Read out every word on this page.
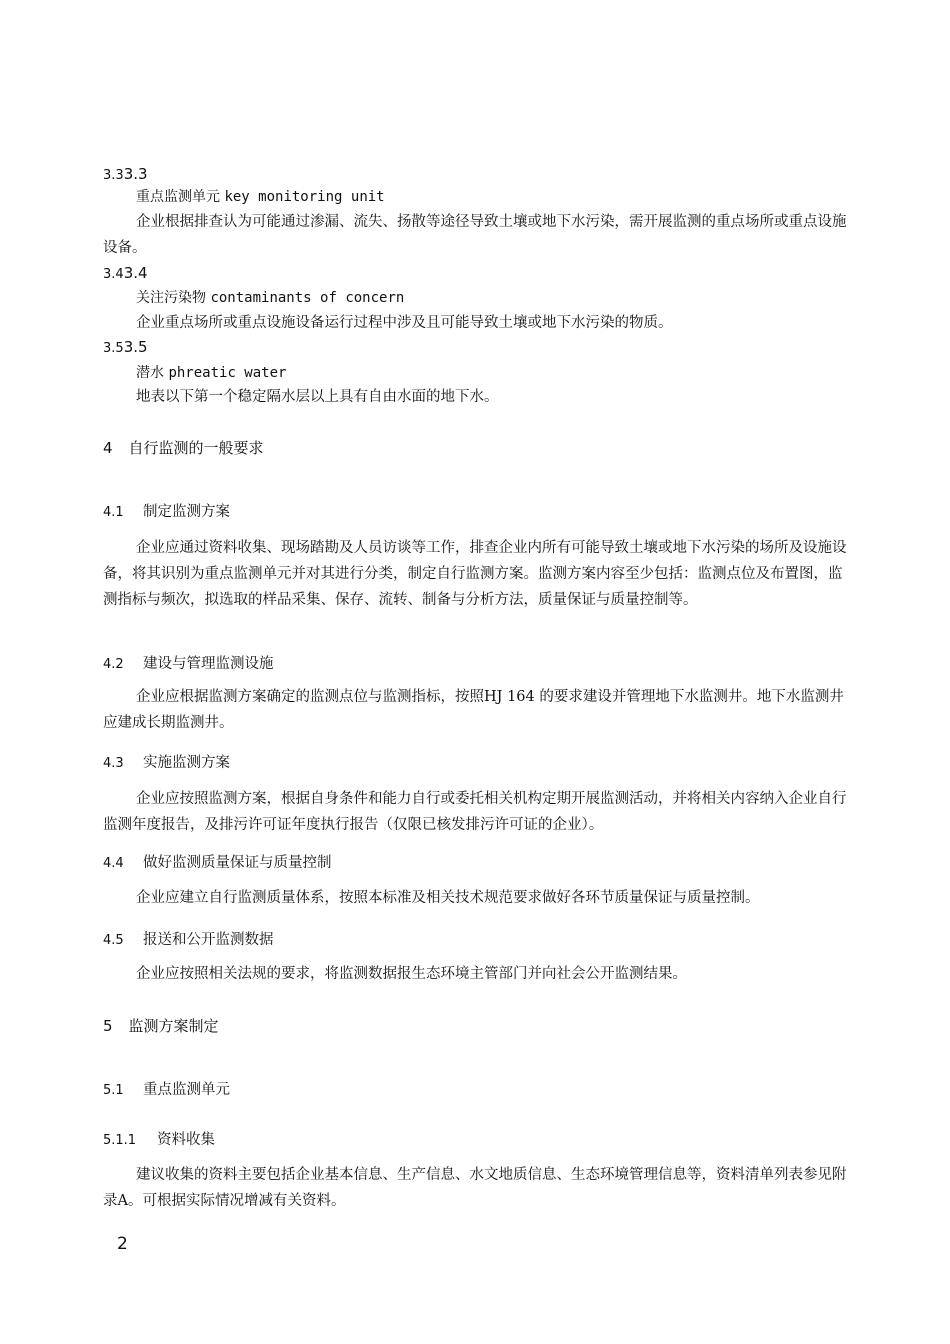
3.33.3
重点监测单元 key monitoring unit
企业根据排查认为可能通过渗漏、流失、扬散等途径导致土壤或地下水污染，需开展监测的重点场所或重点设施设备。
3.43.4
关注污染物 contaminants of concern
企业重点场所或重点设施设备运行过程中涉及且可能导致土壤或地下水污染的物质。
3.53.5
潜水 phreatic water
地表以下第一个稳定隔水层以上具有自由水面的地下水。
4 自行监测的一般要求
4.1 制定监测方案
企业应通过资料收集、现场踏勘及人员访谈等工作，排查企业内所有可能导致土壤或地下水污染的场所及设施设备，将其识别为重点监测单元并对其进行分类，制定自行监测方案。监测方案内容至少包括：监测点位及布置图，监测指标与频次，拟选取的样品采集、保存、流转、制备与分析方法，质量保证与质量控制等。
4.2 建设与管理监测设施
企业应根据监测方案确定的监测点位与监测指标，按照HJ 164 的要求建设并管理地下水监测井。地下水监测井应建成长期监测井。
4.3 实施监测方案
企业应按照监测方案，根据自身条件和能力自行或委托相关机构定期开展监测活动，并将相关内容纳入企业自行监测年度报告，及排污许可证年度执行报告（仅限已核发排污许可证的企业）。
4.4 做好监测质量保证与质量控制
企业应建立自行监测质量体系，按照本标准及相关技术规范要求做好各环节质量保证与质量控制。
4.5 报送和公开监测数据
企业应按照相关法规的要求，将监测数据报生态环境主管部门并向社会公开监测结果。
5 监测方案制定
5.1 重点监测单元
5.1.1 资料收集
建议收集的资料主要包括企业基本信息、生产信息、水文地质信息、生态环境管理信息等，资料清单列表参见附录A。可根据实际情况增减有关资料。
2
